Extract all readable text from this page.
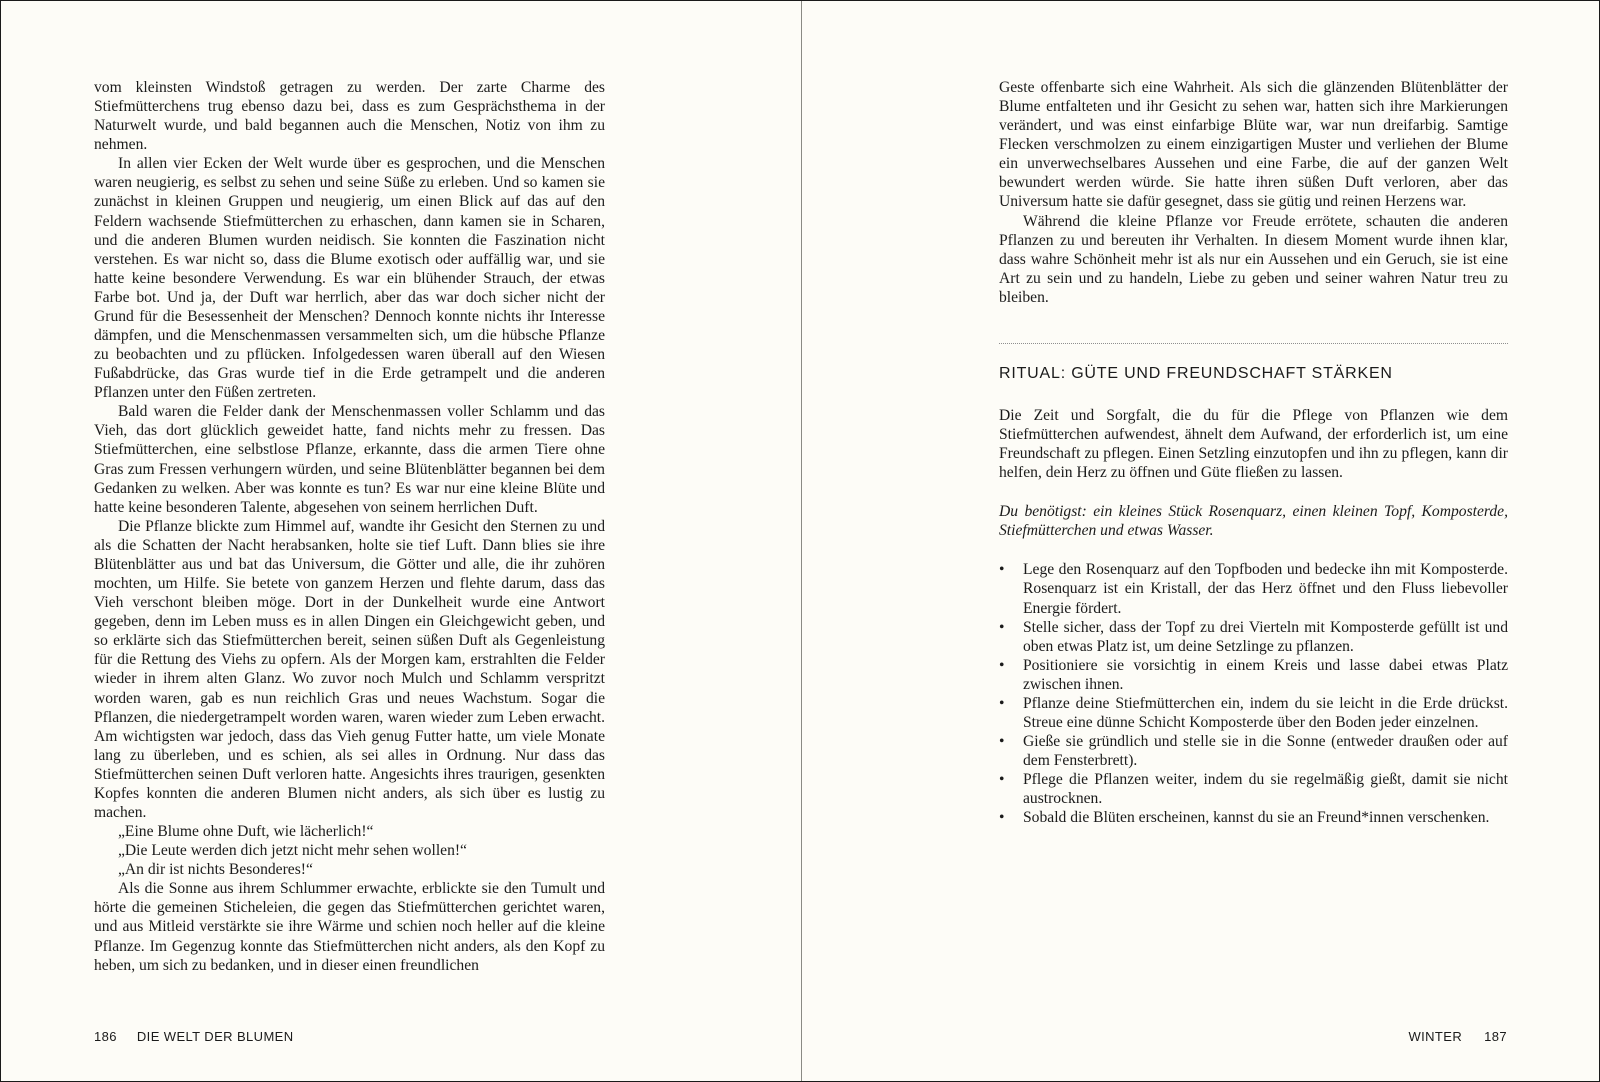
vom kleinsten Windstoß getragen zu werden. Der zarte Charme des Stiefmütterchens trug ebenso dazu bei, dass es zum Gesprächsthema in der Naturwelt wurde, und bald begannen auch die Menschen, Notiz von ihm zu nehmen.

In allen vier Ecken der Welt wurde über es gesprochen, und die Menschen waren neugierig, es selbst zu sehen und seine Süße zu erleben. Und so kamen sie zunächst in kleinen Gruppen und neugierig, um einen Blick auf das auf den Feldern wachsende Stiefmütterchen zu erhaschen, dann kamen sie in Scharen, und die anderen Blumen wurden neidisch. Sie konnten die Faszination nicht verstehen. Es war nicht so, dass die Blume exotisch oder auffällig war, und sie hatte keine besondere Verwendung. Es war ein blühender Strauch, der etwas Farbe bot. Und ja, der Duft war herrlich, aber das war doch sicher nicht der Grund für die Besessenheit der Menschen? Dennoch konnte nichts ihr Interesse dämpfen, und die Menschenmassen versammelten sich, um die hübsche Pflanze zu beobachten und zu pflücken. Infolgedessen waren überall auf den Wiesen Fußabdrücke, das Gras wurde tief in die Erde getrampelt und die anderen Pflanzen unter den Füßen zertreten.

Bald waren die Felder dank der Menschenmassen voller Schlamm und das Vieh, das dort glücklich geweidet hatte, fand nichts mehr zu fressen. Das Stiefmütterchen, eine selbstlose Pflanze, erkannte, dass die armen Tiere ohne Gras zum Fressen verhungern würden, und seine Blütenblätter begannen bei dem Gedanken zu welken. Aber was konnte es tun? Es war nur eine kleine Blüte und hatte keine besonderen Talente, abgesehen von seinem herrlichen Duft.

Die Pflanze blickte zum Himmel auf, wandte ihr Gesicht den Sternen zu und als die Schatten der Nacht herabsanken, holte sie tief Luft. Dann blies sie ihre Blütenblätter aus und bat das Universum, die Götter und alle, die ihr zuhören mochten, um Hilfe. Sie betete von ganzem Herzen und flehte darum, dass das Vieh verschont bleiben möge. Dort in der Dunkelheit wurde eine Antwort gegeben, denn im Leben muss es in allen Dingen ein Gleichgewicht geben, und so erklärte sich das Stiefmütterchen bereit, seinen süßen Duft als Gegenleistung für die Rettung des Viehs zu opfern. Als der Morgen kam, erstrahlten die Felder wieder in ihrem alten Glanz. Wo zuvor noch Mulch und Schlamm verspritzt worden waren, gab es nun reichlich Gras und neues Wachstum. Sogar die Pflanzen, die niedergetrampelt worden waren, waren wieder zum Leben erwacht. Am wichtigsten war jedoch, dass das Vieh genug Futter hatte, um viele Monate lang zu überleben, und es schien, als sei alles in Ordnung. Nur dass das Stiefmütterchen seinen Duft verloren hatte. Angesichts ihres traurigen, gesenkten Kopfes konnten die anderen Blumen nicht anders, als sich über es lustig zu machen.

„Eine Blume ohne Duft, wie lächerlich!“

„Die Leute werden dich jetzt nicht mehr sehen wollen!“

„An dir ist nichts Besonderes!“

Als die Sonne aus ihrem Schlummer erwachte, erblickte sie den Tumult und hörte die gemeinen Sticheleien, die gegen das Stiefmütterchen gerichtet waren, und aus Mitleid verstärkte sie ihre Wärme und schien noch heller auf die kleine Pflanze. Im Gegenzug konnte das Stiefmütterchen nicht anders, als den Kopf zu heben, um sich zu bedanken, und in dieser einen freundlichen

186 DIE WELT DER BLUMEN

Geste offenbarte sich eine Wahrheit. Als sich die glänzenden Blütenblätter der Blume entfalteten und ihr Gesicht zu sehen war, hatten sich ihre Markierungen verändert, und was einst einfarbige Blüte war, war nun dreifarbig. Samtige Flecken verschmolzen zu einem einzigartigen Muster und verliehen der Blume ein unverwechselbares Aussehen und eine Farbe, die auf der ganzen Welt bewundert werden würde. Sie hatte ihren süßen Duft verloren, aber das Universum hatte sie dafür gesegnet, dass sie gütig und reinen Herzens war.

Während die kleine Pflanze vor Freude errötete, schauten die anderen Pflanzen zu und bereuten ihr Verhalten. In diesem Moment wurde ihnen klar, dass wahre Schönheit mehr ist als nur ein Aussehen und ein Geruch, sie ist eine Art zu sein und zu handeln, Liebe zu geben und seiner wahren Natur treu zu bleiben.

RITUAL: GÜTE UND FREUNDSCHAFT STÄRKEN

Die Zeit und Sorgfalt, die du für die Pflege von Pflanzen wie dem Stiefmütterchen aufwendest, ähnelt dem Aufwand, der erforderlich ist, um eine Freundschaft zu pflegen. Einen Setzling einzutopfen und ihn zu pflegen, kann dir helfen, dein Herz zu öffnen und Güte fließen zu lassen.

Du benötigst: ein kleines Stück Rosenquarz, einen kleinen Topf, Komposterde, Stiefmütterchen und etwas Wasser.

•	Lege den Rosenquarz auf den Topfboden und bedecke ihn mit Komposterde. Rosenquarz ist ein Kristall, der das Herz öffnet und den Fluss liebevoller Energie fördert.
•	Stelle sicher, dass der Topf zu drei Vierteln mit Komposterde gefüllt ist und oben etwas Platz ist, um deine Setzlinge zu pflanzen.
•	Positioniere sie vorsichtig in einem Kreis und lasse dabei etwas Platz zwischen ihnen.
•	Pflanze deine Stiefmütterchen ein, indem du sie leicht in die Erde drückst. Streue eine dünne Schicht Komposterde über den Boden jeder einzelnen.
•	Gieße sie gründlich und stelle sie in die Sonne (entweder draußen oder auf dem Fensterbrett).
•	Pflege die Pflanzen weiter, indem du sie regelmäßig gießt, damit sie nicht austrocknen.
•	Sobald die Blüten erscheinen, kannst du sie an Freund*innen verschenken.
WINTER 187
